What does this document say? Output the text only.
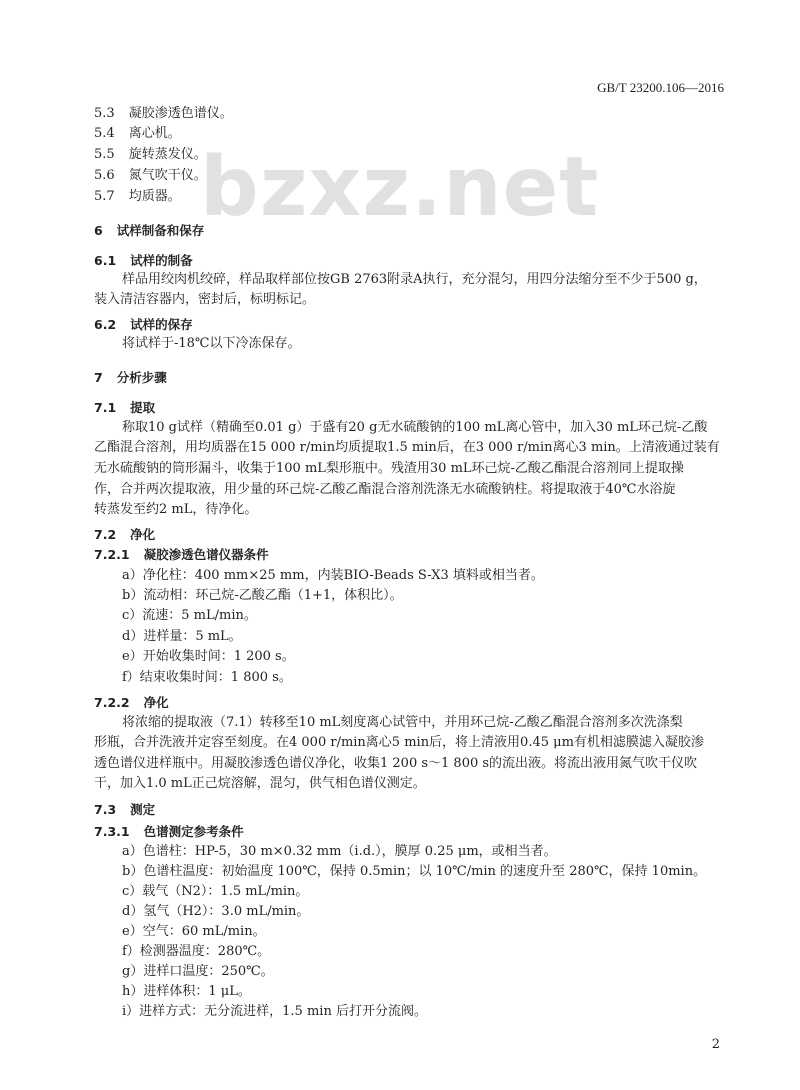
GB/T 23200.106—2016
bzxz.net
5.3 凝胶渗透色谱仪。
5.4 离心机。
5.5 旋转蒸发仪。
5.6 氮气吹干仪。
5.7 均质器。
6 试样制备和保存
6.1 试样的制备
样品用绞肉机绞碎，样品取样部位按GB 2763附录A执行，充分混匀，用四分法缩分至不少于500 g，
装入清洁容器内，密封后，标明标记。
6.2 试样的保存
将试样于-18℃以下冷冻保存。
7 分析步骤
7.1 提取
称取10 g试样（精确至0.01 g）于盛有20 g无水硫酸钠的100 mL离心管中，加入30 mL环己烷-乙酸
乙酯混合溶剂，用均质器在15 000 r/min均质提取1.5 min后，在3 000 r/min离心3 min。上清液通过装有
无水硫酸钠的筒形漏斗，收集于100 mL梨形瓶中。残渣用30 mL环己烷-乙酸乙酯混合溶剂同上提取操
作，合并两次提取液，用少量的环己烷-乙酸乙酯混合溶剂洗涤无水硫酸钠柱。将提取液于40℃水浴旋
转蒸发至约2 mL，待净化。
7.2 净化
7.2.1 凝胶渗透色谱仪器条件
a）净化柱：400 mm×25 mm，内装BIO-Beads S-X3 填料或相当者。
b）流动相：环己烷-乙酸乙酯（1+1，体积比）。
c）流速：5 mL/min。
d）进样量：5 mL。
e）开始收集时间：1 200 s。
f）结束收集时间：1 800 s。
7.2.2 净化
将浓缩的提取液（7.1）转移至10 mL刻度离心试管中，并用环己烷-乙酸乙酯混合溶剂多次洗涤梨
形瓶，合并洗液并定容至刻度。在4 000 r/min离心5 min后，将上清液用0.45 μm有机相滤膜滤入凝胶渗
透色谱仪进样瓶中。用凝胶渗透色谱仪净化，收集1 200 s～1 800 s的流出液。将流出液用氮气吹干仪吹
干，加入1.0 mL正己烷溶解，混匀，供气相色谱仪测定。
7.3 测定
7.3.1 色谱测定参考条件
a）色谱柱：HP-5，30 m×0.32 mm（i.d.），膜厚 0.25 μm，或相当者。
b）色谱柱温度：初始温度 100℃，保持 0.5min；以 10℃/min 的速度升至 280℃，保持 10min。
c）载气（N2）：1.5 mL/min。
d）氢气（H2）：3.0 mL/min。
e）空气：60 mL/min。
f）检测器温度：280℃。
g）进样口温度：250℃。
h）进样体积：1 μL。
i）进样方式：无分流进样，1.5 min 后打开分流阀。
2
